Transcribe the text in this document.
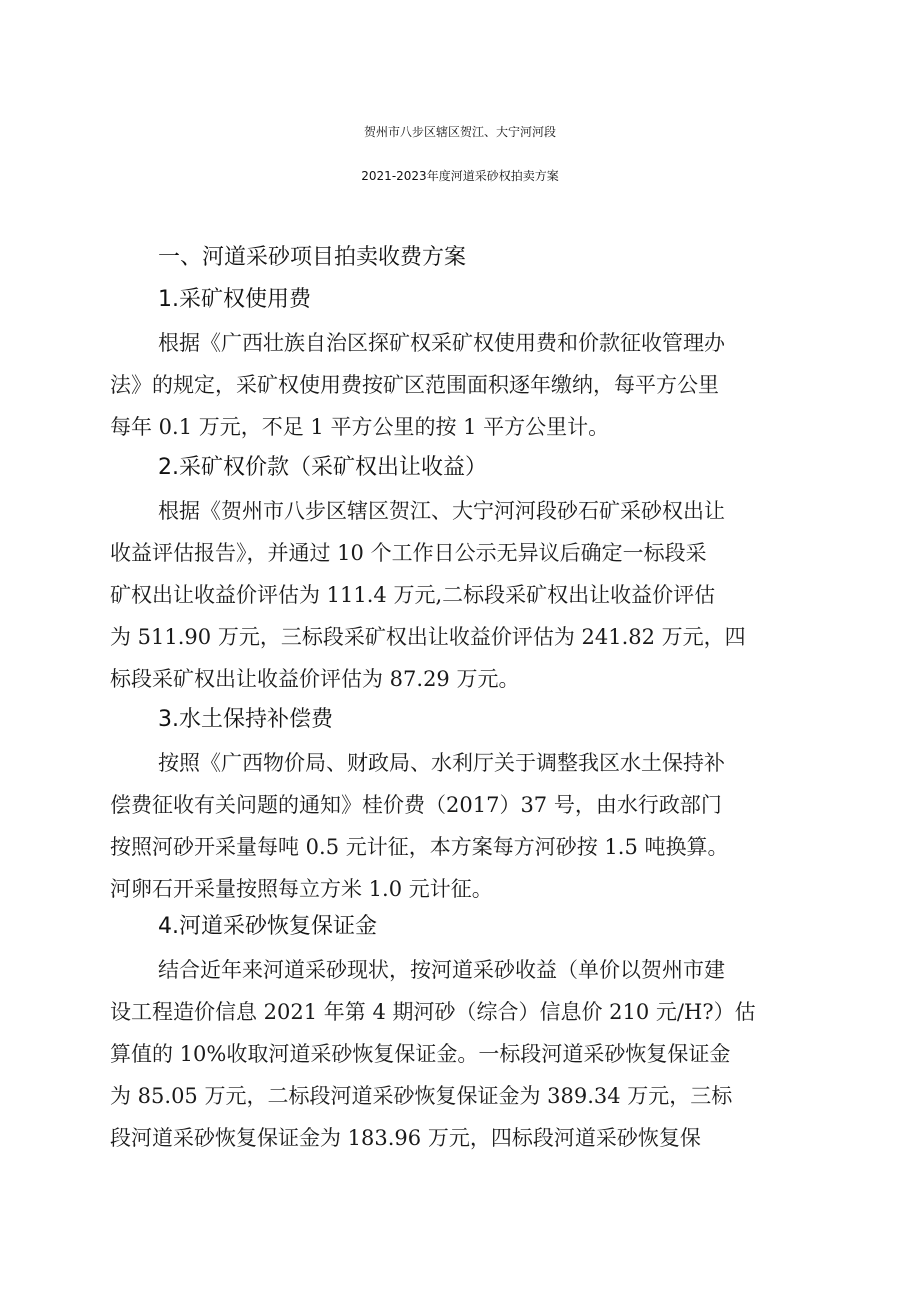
贺州市八步区辖区贺江、大宁河河段
2021-2023年度河道采砂权拍卖方案
一、河道采砂项目拍卖收费方案
1.采矿权使用费
根据《广西壮族自治区探矿权采矿权使用费和价款征收管理办
法》的规定，采矿权使用费按矿区范围面积逐年缴纳，每平方公里
每年 0.1 万元，不足 1 平方公里的按 1 平方公里计。
2.采矿权价款（采矿权出让收益）
根据《贺州市八步区辖区贺江、大宁河河段砂石矿采砂权出让
收益评估报告》，并通过 10 个工作日公示无异议后确定一标段采
矿权出让收益价评估为 111.4 万元,二标段采矿权出让收益价评估
为 511.90 万元，三标段采矿权出让收益价评估为 241.82 万元，四
标段采矿权出让收益价评估为 87.29 万元。
3.水土保持补偿费
按照《广西物价局、财政局、水利厅关于调整我区水土保持补
偿费征收有关问题的通知》桂价费（2017）37 号，由水行政部门
按照河砂开采量每吨 0.5 元计征，本方案每方河砂按 1.5 吨换算。
河卵石开采量按照每立方米 1.0 元计征。
4.河道采砂恢复保证金
结合近年来河道采砂现状，按河道采砂收益（单价以贺州市建
设工程造价信息 2021 年第 4 期河砂（综合）信息价 210 元/H?）估
算值的 10%收取河道采砂恢复保证金。一标段河道采砂恢复保证金
为 85.05 万元，二标段河道采砂恢复保证金为 389.34 万元，三标
段河道采砂恢复保证金为 183.96 万元，四标段河道采砂恢复保
